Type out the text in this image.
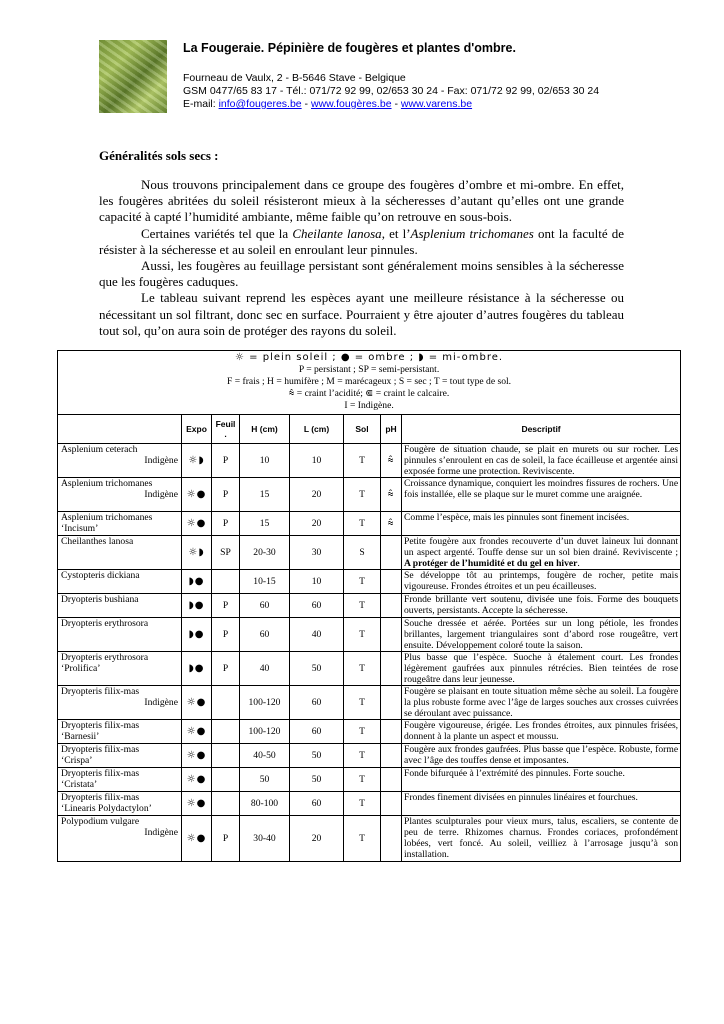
La Fougeraie. Pépinière de fougères et plantes d'ombre.
Fourneau de Vaulx, 2 - B-5646 Stave - Belgique
GSM 0477/65 83 17 - Tél.: 071/72 92 99, 02/653 30 24 - Fax: 071/72 92 99, 02/653 30 24
E-mail: info@fougeres.be - www.fougères.be - www.varens.be
Généralités sols secs :

Nous trouvons principalement dans ce groupe des fougères d’ombre et mi-ombre. En effet, les fougères abritées du soleil résisteront mieux à la sécheresses d’autant qu’elles ont une grande capacité à capté l’humidité ambiante, même faible qu’on retrouve en sous-bois.

Certaines variétés tel que la Cheilante lanosa, et l’Asplenium trichomanes ont la faculté de résister à la sécheresse et au soleil en enroulant leur pinnules.

Aussi, les fougères au feuillage persistant sont généralement moins sensibles à la sécheresse que les fougères caduques.

Le tableau suivant reprend les espèces ayant une meilleure résistance à la sécheresse ou nécessitant un sol filtrant, donc sec en surface. Pourraient y être ajouter d’autres fougères du tableau tout sol, qu’on aura soin de protéger des rayons du soleil.

☼ = plein soleil ; ● = ombre ; ◗ = mi-ombre.
P = persistant ; SP = semi-persistant.
F = frais ; H = humifère ; M = marécageux ; S = sec ; T = tout type de sol.
⩯ = craint l’acidité; ⋐ = craint le calcaire.
I = Indigène.							

	Expo	Feuil .	H (cm)	L (cm)	Sol	pH	Descriptif
Asplenium ceterach
Indigène	☼◗	P	10	10	T	⩯	Fougère de situation chaude, se plait en murets ou sur rocher. Les pinnules s’enroulent en cas de soleil, la face écailleuse et argentée ainsi exposée forme une protection. Reviviscente.
Asplenium trichomanes
Indigène	☼●	P	15	20	T	⩯	Croissance dynamique, conquiert les moindres fissures de rochers. Une fois installée, elle se plaque sur le muret comme une araignée.
Asplenium trichomanes
‘Incisum’	☼●	P	15	20	T	⩯	Comme l’espèce, mais les pinnules sont finement incisées.
Cheilanthes lanosa	☼◗	SP	20-30	30	S		Petite fougère aux frondes recouverte d’un duvet laineux lui donnant un aspect argenté. Touffe dense sur un sol bien drainé. Reviviscente ; A protéger de l’humidité et du gel en hiver.
Cystopteris dickiana	◗●		10-15	10	T		Se développe tôt au printemps, fougère de rocher, petite mais vigoureuse. Frondes étroites et un peu écailleuses.
Dryopteris bushiana	◗●	P	60	60	T		Fronde brillante vert soutenu, divisée une fois. Forme des bouquets ouverts, persistants. Accepte la sécheresse.
Dryopteris erythrosora	◗●	P	60	40	T		Souche dressée et aérée. Portées sur un long pétiole, les frondes brillantes, largement triangulaires sont d’abord rose rougeâtre, vert ensuite. Développement coloré toute la saison.
Dryopteris erythrosora
‘Prolifica’	◗●	P	40	50	T		Plus basse que l’espèce. Suoche à étalement court. Les frondes légèrement gaufrées aux pinnules rétrécies. Bien teintées de rose rougeâtre dans leur jeunesse.
Dryopteris filix-mas
Indigène	☼●		100-120	60	T		Fougère se plaisant en toute situation même sèche au soleil. La fougère la plus robuste forme avec l’âge de larges souches aux crosses cuivrées se déroulant avec puissance.
Dryopteris filix-mas
‘Barnesii’	☼●		100-120	60	T		Fougère vigoureuse, érigée. Les frondes étroites, aux pinnules frisées, donnent à la plante un aspect et moussu.
Dryopteris filix-mas
‘Crispa’	☼●		40-50	50	T		Fougère aux frondes gaufrées. Plus basse que l’espèce. Robuste, forme avec l’âge des touffes dense et imposantes.
Dryopteris filix-mas
‘Cristata’	☼●		50	50	T		Fonde bifurquée à l’extrémité des pinnules. Forte souche.
Dryopteris filix-mas
‘Linearis Polydactylon’	☼●		80-100	60	T		Frondes finement divisées en pinnules linéaires et fourchues.
Polypodium vulgare
Indigène	☼●	P	30-40	20	T		Plantes sculpturales pour vieux murs, talus, escaliers, se contente de peu de terre. Rhizomes charnus. Frondes coriaces, profondément lobées, vert foncé. Au soleil, veilliez à l’arrosage jusqu’à son installation.
